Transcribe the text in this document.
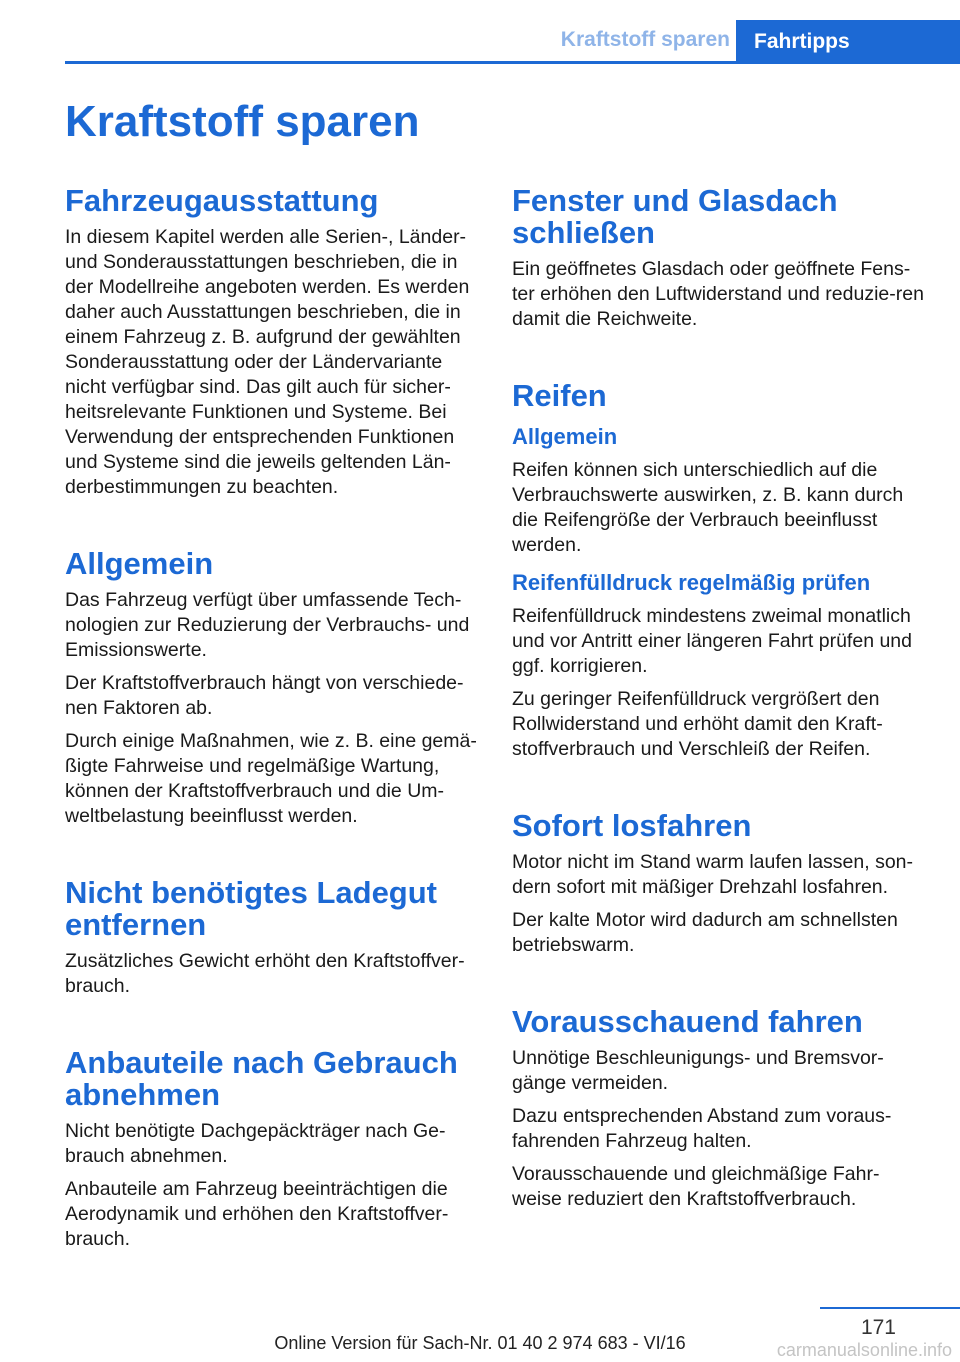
Kraftstoff sparen	Fahrtipps
Kraftstoff sparen
Fahrzeugausstattung

In diesem Kapitel werden alle Serien-, Länder- und Sonderausstattungen beschrieben, die in der Modellreihe angeboten werden. Es werden daher auch Ausstattungen beschrieben, die in einem Fahrzeug z. B. aufgrund der gewählten Sonderausstattung oder der Ländervariante nicht verfügbar sind. Das gilt auch für sicher-heitsrelevante Funktionen und Systeme. Bei Verwendung der entsprechenden Funktionen und Systeme sind die jeweils geltenden Län-derbestimmungen zu beachten.

Allgemein

Das Fahrzeug verfügt über umfassende Tech-nologien zur Reduzierung der Verbrauchs- und Emissionswerte.

Der Kraftstoffverbrauch hängt von verschiede-nen Faktoren ab.

Durch einige Maßnahmen, wie z. B. eine gemä-ßigte Fahrweise und regelmäßige Wartung, können der Kraftstoffverbrauch und die Um-weltbelastung beeinflusst werden.

Nicht benötigtes Ladegut entfernen

Zusätzliches Gewicht erhöht den Kraftstoffver-brauch.

Anbauteile nach Gebrauch abnehmen

Nicht benötigte Dachgepäckträger nach Ge-brauch abnehmen.

Anbauteile am Fahrzeug beeinträchtigen die Aerodynamik und erhöhen den Kraftstoffver-brauch.

Fenster und Glasdach schließen

Ein geöffnetes Glasdach oder geöffnete Fens-ter erhöhen den Luftwiderstand und reduzie-ren damit die Reichweite.

Reifen
Allgemein

Reifen können sich unterschiedlich auf die Verbrauchswerte auswirken, z. B. kann durch die Reifengröße der Verbrauch beeinflusst werden.

Reifenfülldruck regelmäßig prüfen

Reifenfülldruck mindestens zweimal monatlich und vor Antritt einer längeren Fahrt prüfen und ggf. korrigieren.

Zu geringer Reifenfülldruck vergrößert den Rollwiderstand und erhöht damit den Kraft-stoffverbrauch und Verschleiß der Reifen.

Sofort losfahren

Motor nicht im Stand warm laufen lassen, son-dern sofort mit mäßiger Drehzahl losfahren.

Der kalte Motor wird dadurch am schnellsten betriebswarm.

Vorausschauend fahren

Unnötige Beschleunigungs- und Bremsvor-gänge vermeiden.

Dazu entsprechenden Abstand zum voraus-fahrenden Fahrzeug halten.

Vorausschauende und gleichmäßige Fahr-weise reduziert den Kraftstoffverbrauch.

171
Online Version für Sach-Nr. 01 40 2 974 683 - VI/16	carmanualsonline.info
